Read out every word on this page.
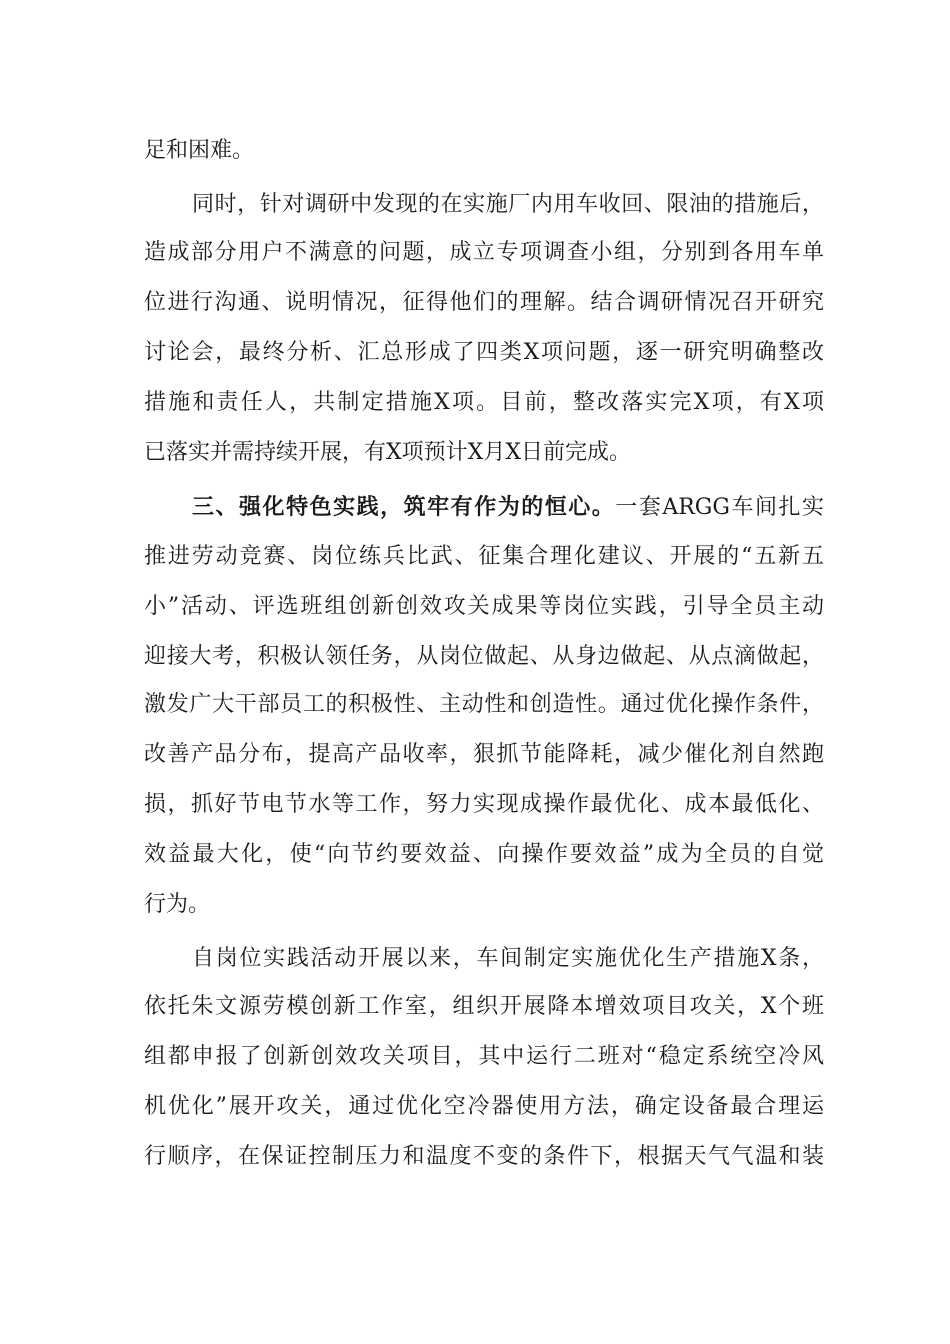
足和困难。
同时，针对调研中发现的在实施厂内用车收回、限油的措施后，
造成部分用户不满意的问题，成立专项调查小组，分别到各用车单
位进行沟通、说明情况，征得他们的理解。结合调研情况召开研究
讨论会，最终分析、汇总形成了四类X项问题，逐一研究明确整改
措施和责任人，共制定措施X项。目前，整改落实完X项，有X项
已落实并需持续开展，有X项预计X月X日前完成。
三、强化特色实践，筑牢有作为的恒心。一套ARGG车间扎实
推进劳动竞赛、岗位练兵比武、征集合理化建议、开展的“五新五
小”活动、评选班组创新创效攻关成果等岗位实践，引导全员主动
迎接大考，积极认领任务，从岗位做起、从身边做起、从点滴做起，
激发广大干部员工的积极性、主动性和创造性。通过优化操作条件，
改善产品分布，提高产品收率，狠抓节能降耗，减少催化剂自然跑
损，抓好节电节水等工作，努力实现成操作最优化、成本最低化、
效益最大化，使“向节约要效益、向操作要效益”成为全员的自觉
行为。
自岗位实践活动开展以来，车间制定实施优化生产措施X条，
依托朱文源劳模创新工作室，组织开展降本增效项目攻关，X个班
组都申报了创新创效攻关项目，其中运行二班对“稳定系统空冷风
机优化”展开攻关，通过优化空冷器使用方法，确定设备最合理运
行顺序，在保证控制压力和温度不变的条件下，根据天气气温和装
